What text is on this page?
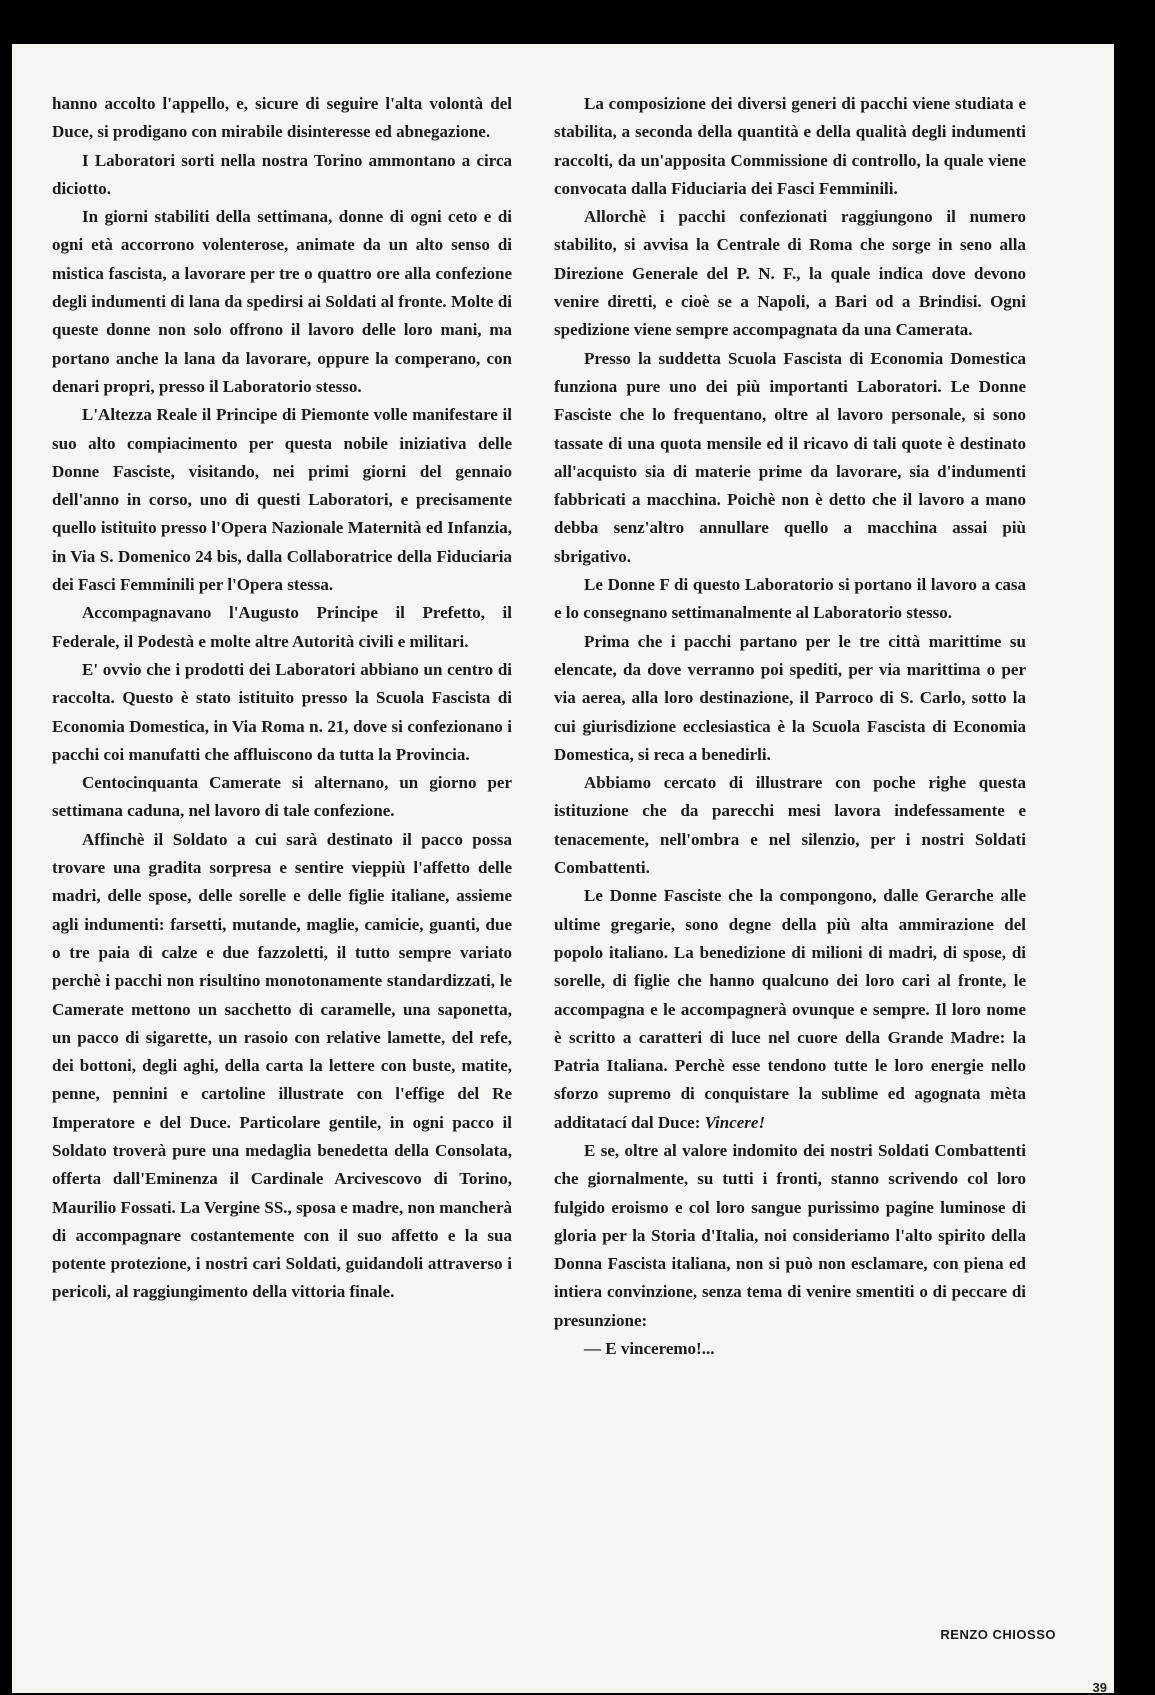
hanno accolto l'appello, e, sicure di seguire l'alta volontà del Duce, si prodigano con mirabile disinteresse ed abnegazione.

I Laboratori sorti nella nostra Torino ammontano a circa diciotto.

In giorni stabiliti della settimana, donne di ogni ceto e di ogni età accorrono volenterose, animate da un alto senso di mistica fascista, a lavorare per tre o quattro ore alla confezione degli indumenti di lana da spedirsi ai Soldati al fronte. Molte di queste donne non solo offrono il lavoro delle loro mani, ma portano anche la lana da lavorare, oppure la comperano, con denari propri, presso il Laboratorio stesso.

L'Altezza Reale il Principe di Piemonte volle manifestare il suo alto compiacimento per questa nobile iniziativa delle Donne Fasciste, visitando, nei primi giorni del gennaio dell'anno in corso, uno di questi Laboratori, e precisamente quello istituito presso l'Opera Nazionale Maternità ed Infanzia, in Via S. Domenico 24 bis, dalla Collaboratrice della Fiduciaria dei Fasci Femminili per l'Opera stessa.

Accompagnavano l'Augusto Principe il Prefetto, il Federale, il Podestà e molte altre Autorità civili e militari.

E' ovvio che i prodotti dei Laboratori abbiano un centro di raccolta. Questo è stato istituito presso la Scuola Fascista di Economia Domestica, in Via Roma n. 21, dove si confezionano i pacchi coi manufatti che affluiscono da tutta la Provincia.

Centocinquanta Camerate si alternano, un giorno per settimana caduna, nel lavoro di tale confezione.

Affinchè il Soldato a cui sarà destinato il pacco possa trovare una gradita sorpresa e sentire vieppiù l'affetto delle madri, delle spose, delle sorelle e delle figlie italiane, assieme agli indumenti: farsetti, mutande, maglie, camicie, guanti, due o tre paia di calze e due fazzoletti, il tutto sempre variato perchè i pacchi non risultino monotonamente standardizzati, le Camerate mettono un sacchetto di caramelle, una saponetta, un pacco di sigarette, un rasoio con relative lamette, del refe, dei bottoni, degli aghi, della carta la lettere con buste, matite, penne, pennini e cartoline illustrate con l'effige del Re Imperatore e del Duce. Particolare gentile, in ogni pacco il Soldato troverà pure una medaglia benedetta della Consolata, offerta dall'Eminenza il Cardinale Arcivescovo di Torino, Maurilio Fossati. La Vergine SS., sposa e madre, non mancherà di accompagnare costantemente con il suo affetto e la sua potente protezione, i nostri cari Soldati, guidandoli attraverso i pericoli, al raggiungimento della vittoria finale.

La composizione dei diversi generi di pacchi viene studiata e stabilita, a seconda della quantità e della qualità degli indumenti raccolti, da un'apposita Commissione di controllo, la quale viene convocata dalla Fiduciaria dei Fasci Femminili.

Allorchè i pacchi confezionati raggiungono il numero stabilito, si avvisa la Centrale di Roma che sorge in seno alla Direzione Generale del P. N. F., la quale indica dove devono venire diretti, e cioè se a Napoli, a Bari od a Brindisi. Ogni spedizione viene sempre accompagnata da una Camerata.

Presso la suddetta Scuola Fascista di Economia Domestica funziona pure uno dei più importanti Laboratori. Le Donne Fasciste che lo frequentano, oltre al lavoro personale, si sono tassate di una quota mensile ed il ricavo di tali quote è destinato all'acquisto sia di materie prime da lavorare, sia d'indumenti fabbricati a macchina. Poichè non è detto che il lavoro a mano debba senz'altro annullare quello a macchina assai più sbrigativo.

Le Donne F di questo Laboratorio si portano il lavoro a casa e lo consegnano settimanalmente al Laboratorio stesso.

Prima che i pacchi partano per le tre città marittime su elencate, da dove verranno poi spediti, per via marittima o per via aerea, alla loro destinazione, il Parroco di S. Carlo, sotto la cui giurisdizione ecclesiastica è la Scuola Fascista di Economia Domestica, si reca a benedirli.

Abbiamo cercato di illustrare con poche righe questa istituzione che da parecchi mesi lavora indefessamente e tenacemente, nell'ombra e nel silenzio, per i nostri Soldati Combattenti.

Le Donne Fasciste che la compongono, dalle Gerarche alle ultime gregarie, sono degne della più alta ammirazione del popolo italiano. La benedizione di milioni di madri, di spose, di sorelle, di figlie che hanno qualcuno dei loro cari al fronte, le accompagna e le accompagnerà ovunque e sempre. Il loro nome è scritto a caratteri di luce nel cuore della Grande Madre: la Patria Italiana. Perchè esse tendono tutte le loro energie nello sforzo supremo di conquistare la sublime ed agognata mèta additatací dal Duce: Vincere!

E se, oltre al valore indomito dei nostri Soldati Combattenti che giornalmente, su tutti i fronti, stanno scrivendo col loro fulgido eroismo e col loro sangue purissimo pagine luminose di gloria per la Storia d'Italia, noi consideriamo l'alto spirito della Donna Fascista italiana, non si può non esclamare, con piena ed intiera convinzione, senza tema di venire smentiti o di peccare di presunzione:

— E vinceremo!...

RENZO CHIOSSO
39
